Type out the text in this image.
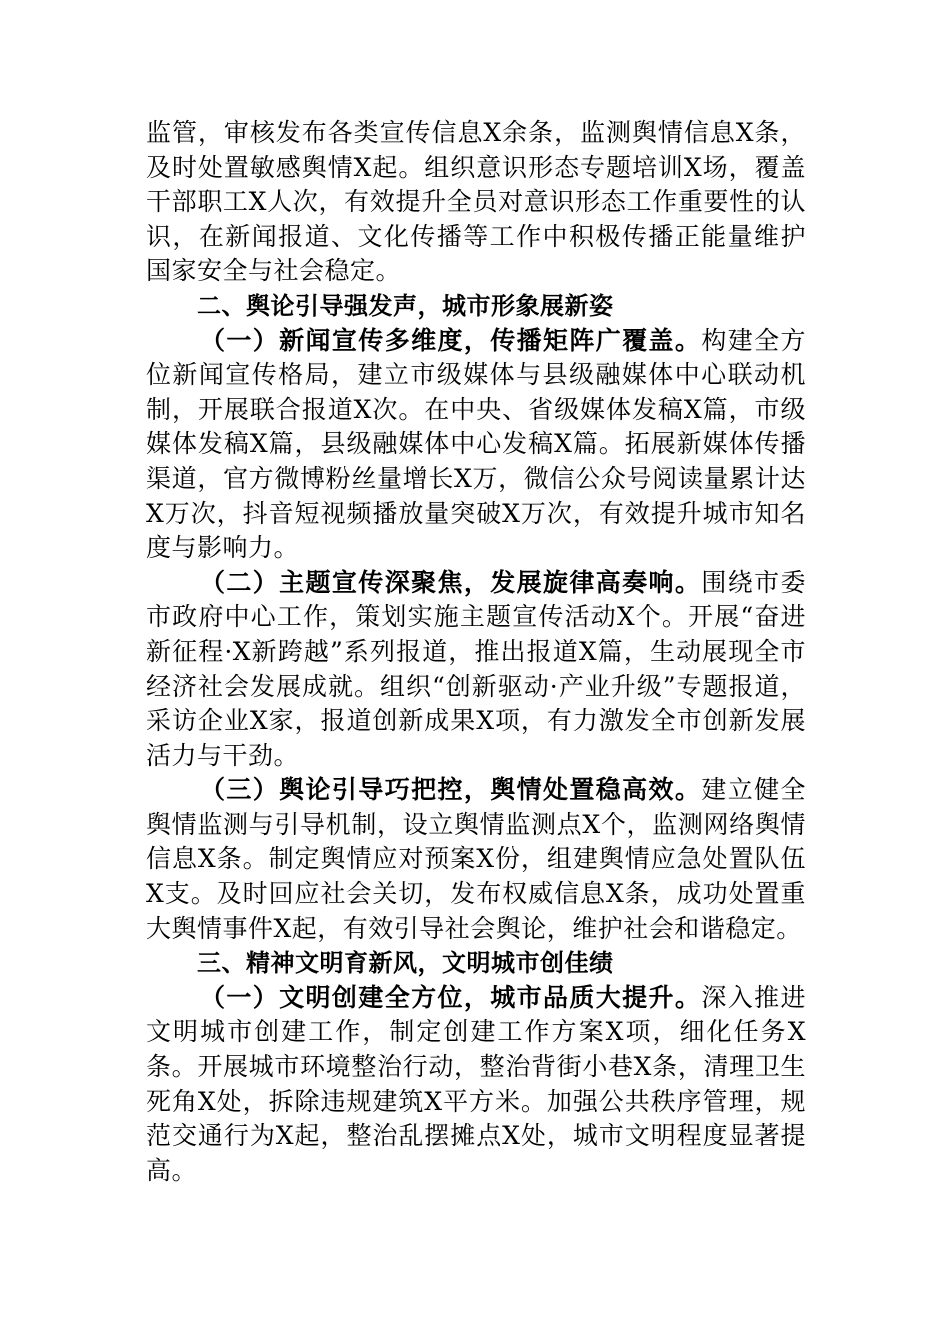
监管，审核发布各类宣传信息X余条，监测舆情信息X条，及时处置敏感舆情X起。组织意识形态专题培训X场，覆盖干部职工X人次，有效提升全员对意识形态工作重要性的认识，在新闻报道、文化传播等工作中积极传播正能量维护国家安全与社会稳定。

二、舆论引导强发声，城市形象展新姿

（一）新闻宣传多维度，传播矩阵广覆盖。构建全方位新闻宣传格局，建立市级媒体与县级融媒体中心联动机制，开展联合报道X次。在中央、省级媒体发稿X篇，市级媒体发稿X篇，县级融媒体中心发稿X篇。拓展新媒体传播渠道，官方微博粉丝量增长X万，微信公众号阅读量累计达X万次，抖音短视频播放量突破X万次，有效提升城市知名度与影响力。

（二）主题宣传深聚焦，发展旋律高奏响。围绕市委市政府中心工作，策划实施主题宣传活动X个。开展“奋进新征程·X新跨越”系列报道，推出报道X篇，生动展现全市经济社会发展成就。组织“创新驱动·产业升级”专题报道，采访企业X家，报道创新成果X项，有力激发全市创新发展活力与干劲。

（三）舆论引导巧把控，舆情处置稳高效。建立健全舆情监测与引导机制，设立舆情监测点X个，监测网络舆情信息X条。制定舆情应对预案X份，组建舆情应急处置队伍X支。及时回应社会关切，发布权威信息X条，成功处置重大舆情事件X起，有效引导社会舆论，维护社会和谐稳定。

三、精神文明育新风，文明城市创佳绩

（一）文明创建全方位，城市品质大提升。深入推进文明城市创建工作，制定创建工作方案X项，细化任务X条。开展城市环境整治行动，整治背街小巷X条，清理卫生死角X处，拆除违规建筑X平方米。加强公共秩序管理，规范交通行为X起，整治乱摆摊点X处，城市文明程度显著提高。
